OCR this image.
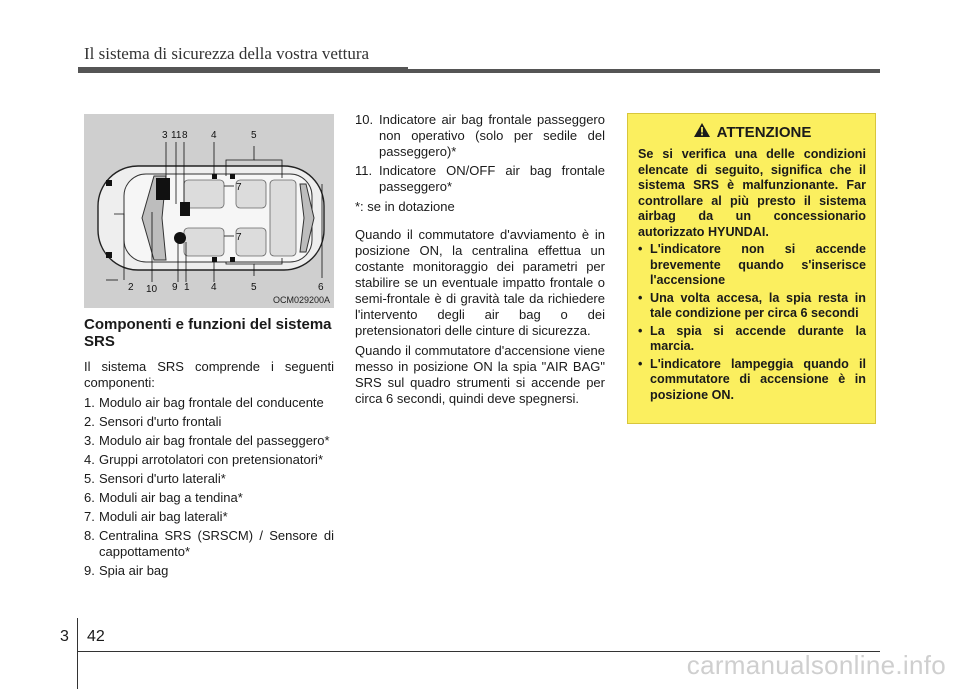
Il sistema di sicurezza della vostra vettura
3 11 8 4	5
2 10 9 1 4	5	6
7
7
OCM029200A
Componenti e funzioni del sistema SRS
Il sistema SRS comprende i seguenti componenti:
1. Modulo air bag frontale del conducente
2. Sensori d'urto frontali
3. Modulo air bag frontale del passeggero*
4. Gruppi arrotolatori con pretensionatori*
5. Sensori d'urto laterali*
6. Moduli air bag a tendina*
7. Moduli air bag laterali*
8. Centralina SRS (SRSCM) / Sensore di cappottamento*
9. Spia air bag
10. Indicatore air bag frontale passeggero non operativo (solo per sedile del passeggero)*
11. Indicatore ON/OFF air bag frontale passeggero*
*: se in dotazione
Quando il commutatore d'avviamento è in posizione ON, la centralina effettua un costante monitoraggio dei parametri per stabilire se un eventuale impatto frontale o semi-frontale è di gravità tale da richiedere l'intervento degli air bag o dei pretensionatori delle cinture di sicurezza.
Quando il commutatore d'accensione viene messo in posizione ON la spia "AIR BAG" SRS sul quadro strumenti si accende per circa 6 secondi, quindi deve spegnersi.
ATTENZIONE

Se si verifica una delle condizioni elencate di seguito, significa che il sistema SRS è malfunzionante. Far controllare al più presto il sistema airbag da un concessionario autorizzato HYUNDAI.

• L'indicatore non si accende brevemente quando s'inserisce l'accensione
• Una volta accesa, la spia resta in tale condizione per circa 6 secondi
• La spia si accende durante la marcia.
• L'indicatore lampeggia quando il commutatore di accensione è in posizione ON.
3 42
carmanualsonline.info
